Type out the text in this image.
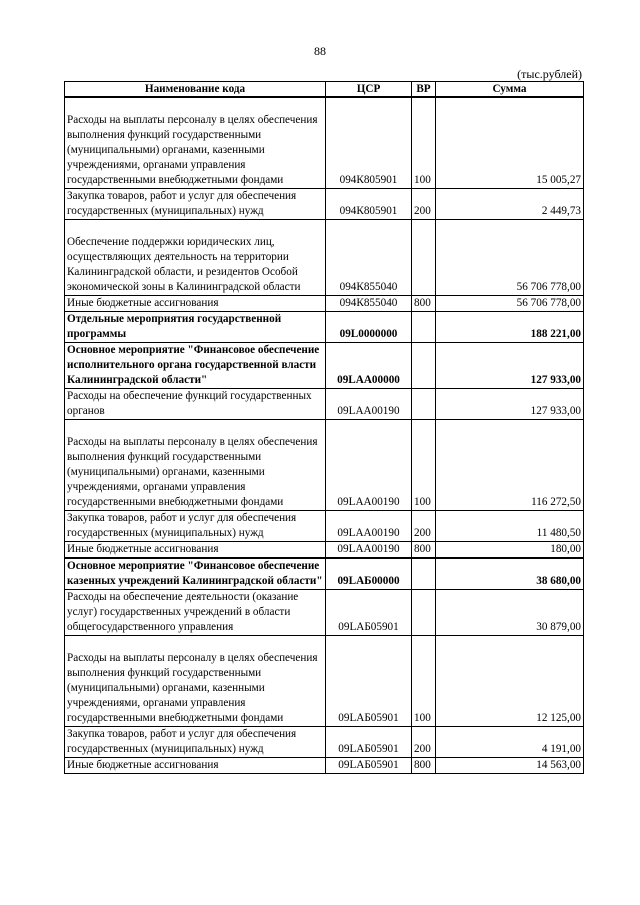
88
(тыс.рублей)
Наименование кода	ЦСР	ВР	Сумма
Расходы на выплаты персоналу в целях обеспечения выполнения функций государственными (муниципальными) органами, казенными учреждениями, органами управления государственными внебюджетными фондами	094К805901	100	15 005,27
Закупка товаров, работ и услуг для обеспечения государственных (муниципальных) нужд	094К805901	200	2 449,73
Обеспечение поддержки юридических лиц, осуществляющих деятельность на территории Калининградской области, и резидентов Особой экономической зоны в Калининградской области	094К855040		56 706 778,00
Иные бюджетные ассигнования	094К855040	800	56 706 778,00
Отдельные мероприятия государственной программы	09L0000000		188 221,00
Основное мероприятие "Финансовое обеспечение исполнительного органа государственной власти Калининградской области"	09LAA00000		127 933,00
Расходы на обеспечение функций государственных органов	09LAA00190		127 933,00
Расходы на выплаты персоналу в целях обеспечения выполнения функций государственными (муниципальными) органами, казенными учреждениями, органами управления государственными внебюджетными фондами	09LAA00190	100	116 272,50
Закупка товаров, работ и услуг для обеспечения государственных (муниципальных) нужд	09LAA00190	200	11 480,50
Иные бюджетные ассигнования	09LAA00190	800	180,00
Основное мероприятие "Финансовое обеспечение казенных учреждений Калининградской области"	09LAБ00000		38 680,00
Расходы на обеспечение деятельности (оказание услуг) государственных учреждений в области общегосударственного управления	09LAБ05901		30 879,00
Расходы на выплаты персоналу в целях обеспечения выполнения функций государственными (муниципальными) органами, казенными учреждениями, органами управления государственными внебюджетными фондами	09LAБ05901	100	12 125,00
Закупка товаров, работ и услуг для обеспечения государственных (муниципальных) нужд	09LAБ05901	200	4 191,00
Иные бюджетные ассигнования	09LAБ05901	800	14 563,00
